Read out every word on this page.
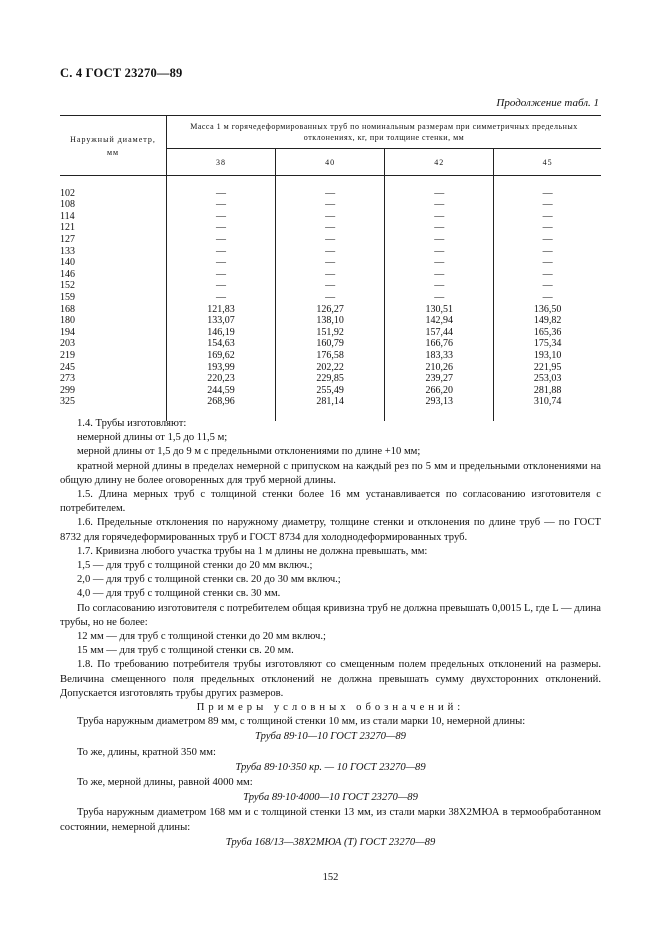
С. 4 ГОСТ 23270—89
Продолжение табл. 1
Наружный диаметр, мм	Масса 1 м горячедеформированных труб по номинальным размерам при симметричных предельных отклонениях, кг, при толщине стенки, мм			
	38	40	42	45

102	—	—	—	—
108	—	—	—	—
114	—	—	—	—
121	—	—	—	—
127	—	—	—	—
133	—	—	—	—
140	—	—	—	—
146	—	—	—	—
152	—	—	—	—
159	—	—	—	—
168	121,83	126,27	130,51	136,50
180	133,07	138,10	142,94	149,82
194	146,19	151,92	157,44	165,36
203	154,63	160,79	166,76	175,34
219	169,62	176,58	183,33	193,10
245	193,99	202,22	210,26	221,95
273	220,23	229,85	239,27	253,03
299	244,59	255,49	266,20	281,88
325	268,96	281,14	293,13	310,74

1.4. Трубы изготовляют:

немерной длины от 1,5 до 11,5 м;

мерной длины от 1,5 до 9 м с предельными отклонениями по длине +10 мм;

кратной мерной длины в пределах немерной с припуском на каждый рез по 5 мм и предельными отклонениями на общую длину не более оговоренных для труб мерной длины.

1.5. Длина мерных труб с толщиной стенки более 16 мм устанавливается по согласованию изготовителя с потребителем.

1.6. Предельные отклонения по наружному диаметру, толщине стенки и отклонения по длине труб — по ГОСТ 8732 для горячедеформированных труб и ГОСТ 8734 для холоднодеформированных труб.

1.7. Кривизна любого участка трубы на 1 м длины не должна превышать, мм:

1,5 — для труб с толщиной стенки до 20 мм включ.;

2,0 — для труб с толщиной стенки св. 20 до 30 мм включ.;

4,0 — для труб с толщиной стенки св. 30 мм.

По согласованию изготовителя с потребителем общая кривизна труб не должна превышать 0,0015 L, где L — длина трубы, но не более:

12 мм — для труб с толщиной стенки до 20 мм включ.;

15 мм — для труб с толщиной стенки св. 20 мм.

1.8. По требованию потребителя трубы изготовляют со смещенным полем предельных отклонений на размеры. Величина смещенного поля предельных отклонений не должна превышать сумму двухсторонних отклонений. Допускается изготовлять трубы других размеров.

Примеры условных обозначений:

Труба наружным диаметром 89 мм, с толщиной стенки 10 мм, из стали марки 10, немерной длины:

Труба 89·10—10 ГОСТ 23270—89

То же, длины, кратной 350 мм:

Труба 89·10·350 кр. — 10 ГОСТ 23270—89

То же, мерной длины, равной 4000 мм:

Труба 89·10·4000—10 ГОСТ 23270—89

Труба наружным диаметром 168 мм и с толщиной стенки 13 мм, из стали марки 38Х2МЮА в термообработанном состоянии, немерной длины:

Труба 168/13—38Х2МЮА (Т) ГОСТ 23270—89

152
